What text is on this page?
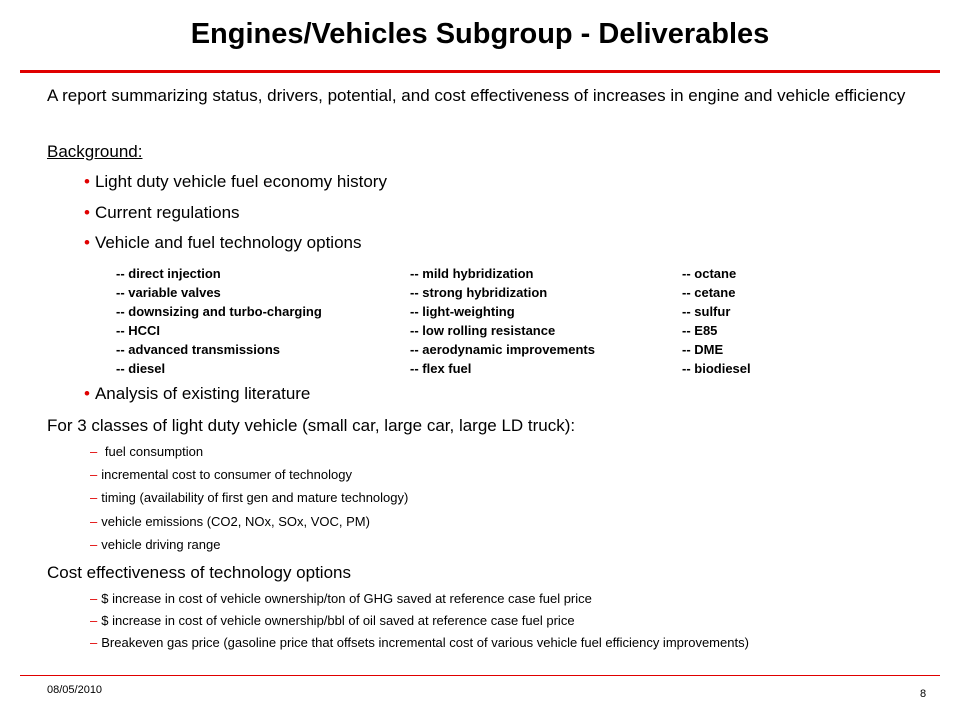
Engines/Vehicles Subgroup - Deliverables
A report summarizing status, drivers, potential, and cost effectiveness of increases in engine and vehicle efficiency
Background:
• Light duty vehicle fuel economy history
• Current regulations
• Vehicle and fuel technology options
-- direct injection
-- variable valves
-- downsizing and turbo-charging
-- HCCI
-- advanced transmissions
-- diesel
-- mild hybridization
-- strong hybridization
-- light-weighting
-- low rolling resistance
-- aerodynamic improvements
-- flex fuel
-- octane
-- cetane
-- sulfur
-- E85
-- DME
-- biodiesel
• Analysis of existing literature
For 3 classes of light duty vehicle (small car, large car, large LD truck):
– fuel consumption
– incremental cost to consumer of technology
– timing (availability of first gen and mature technology)
– vehicle emissions (CO2, NOx, SOx, VOC, PM)
– vehicle driving range
Cost effectiveness of technology options
– $ increase in cost of vehicle ownership/ton of GHG saved at reference case fuel price
– $ increase in cost of vehicle ownership/bbl of oil saved at reference case fuel price
– Breakeven gas price (gasoline price that offsets incremental cost of various vehicle fuel efficiency improvements)
08/05/2010	8
